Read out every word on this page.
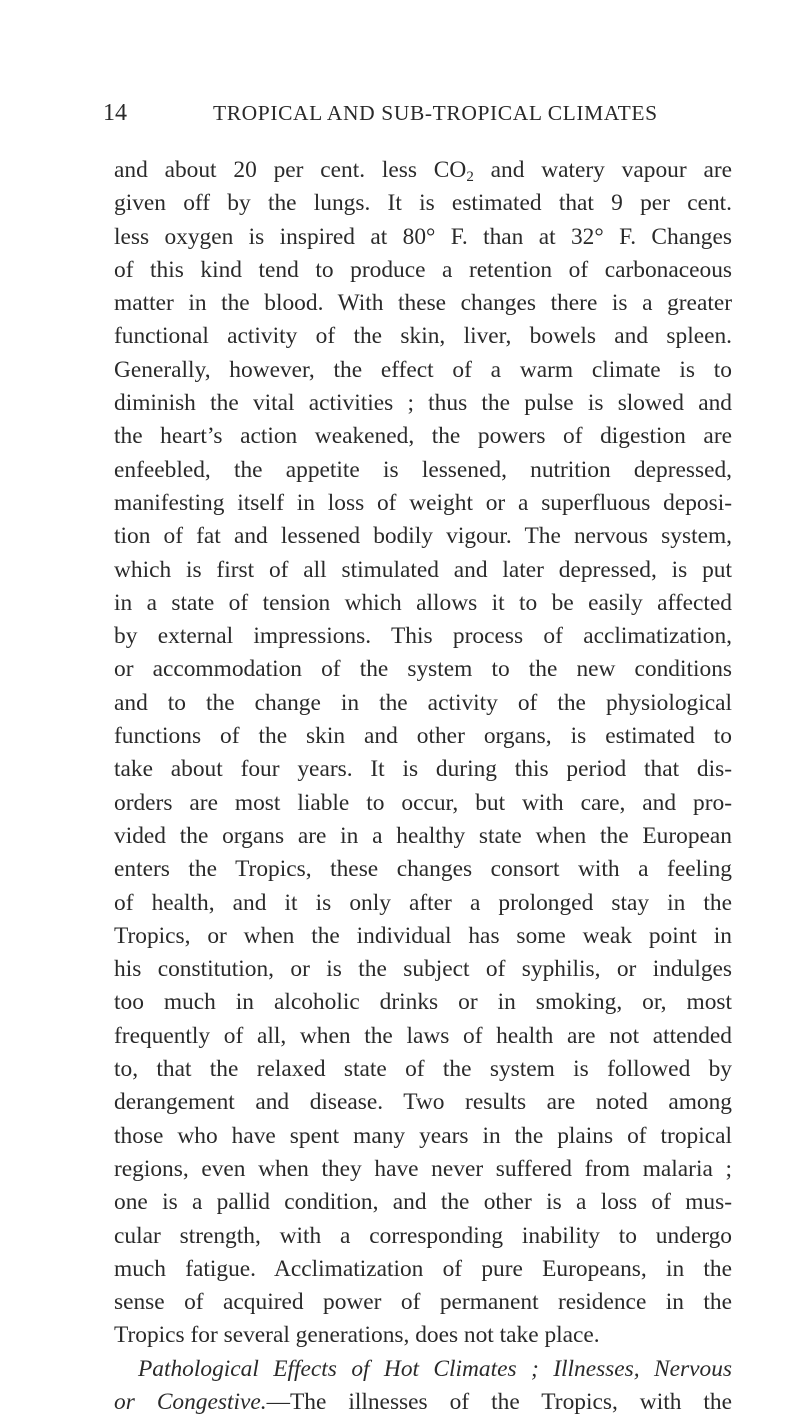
14	TROPICAL AND SUB-TROPICAL CLIMATES
and about 20 per cent. less $CO_2$ and watery vapour are
given off by the lungs. It is estimated that 9 per cent.
less oxygen is inspired at 80° F. than at 32° F. Changes
of this kind tend to produce a retention of carbonaceous
matter in the blood. With these changes there is a greater
functional activity of the skin, liver, bowels and spleen.
Generally, however, the effect of a warm climate is to
diminish the vital activities ; thus the pulse is slowed and
the heart’s action weakened, the powers of digestion are
enfeebled, the appetite is lessened, nutrition depressed,
manifesting itself in loss of weight or a superfluous deposi-
tion of fat and lessened bodily vigour. The nervous system,
which is first of all stimulated and later depressed, is put
in a state of tension which allows it to be easily affected
by external impressions. This process of acclimatization,
or accommodation of the system to the new conditions
and to the change in the activity of the physiological
functions of the skin and other organs, is estimated to
take about four years. It is during this period that dis-
orders are most liable to occur, but with care, and pro-
vided the organs are in a healthy state when the European
enters the Tropics, these changes consort with a feeling
of health, and it is only after a prolonged stay in the
Tropics, or when the individual has some weak point in
his constitution, or is the subject of syphilis, or indulges
too much in alcoholic drinks or in smoking, or, most
frequently of all, when the laws of health are not attended
to, that the relaxed state of the system is followed by
derangement and disease. Two results are noted among
those who have spent many years in the plains of tropical
regions, even when they have never suffered from malaria ;
one is a pallid condition, and the other is a loss of mus-
cular strength, with a corresponding inability to undergo
much fatigue. Acclimatization of pure Europeans, in the
sense of acquired power of permanent residence in the
Tropics for several generations, does not take place.
Pathological Effects of Hot Climates ; Illnesses, Nervous
or Congestive.—The illnesses of the Tropics, with the
